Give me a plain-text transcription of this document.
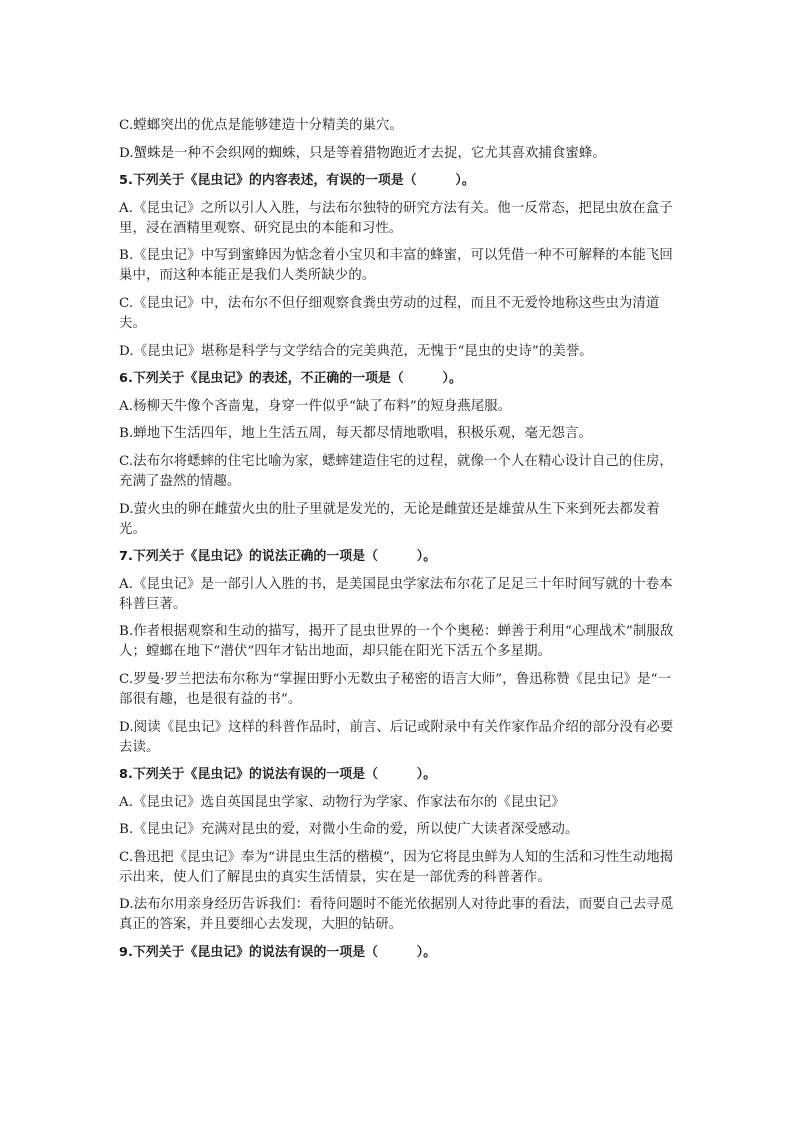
C.螳螂突出的优点是能够建造十分精美的巢穴。

D.蟹蛛是一种不会织网的蜘蛛，只是等着猎物跑近才去捉，它尤其喜欢捕食蜜蜂。

5.下列关于《昆虫记》的内容表述，有误的一项是（　　　）。

A.《昆虫记》之所以引人入胜，与法布尔独特的研究方法有关。他一反常态，把昆虫放在盒子里，浸在酒精里观察、研究昆虫的本能和习性。

B.《昆虫记》中写到蜜蜂因为惦念着小宝贝和丰富的蜂蜜，可以凭借一种不可解释的本能飞回巢中，而这种本能正是我们人类所缺少的。

C.《昆虫记》中，法布尔不但仔细观察食粪虫劳动的过程，而且不无爱怜地称这些虫为清道夫。

D.《昆虫记》堪称是科学与文学结合的完美典范，无愧于“昆虫的史诗”的美誉。

6.下列关于《昆虫记》的表述，不正确的一项是（　　　）。

A.杨柳天牛像个吝啬鬼，身穿一件似乎“缺了布料”的短身燕尾服。

B.蝉地下生活四年，地上生活五周，每天都尽情地歌唱，积极乐观，毫无怨言。

C.法布尔将蟋蟀的住宅比喻为家，蟋蟀建造住宅的过程，就像一个人在精心设计自己的住房，充满了盎然的情趣。

D.萤火虫的卵在雌萤火虫的肚子里就是发光的，无论是雌萤还是雄萤从生下来到死去都发着光。

7.下列关于《昆虫记》的说法正确的一项是（　　　）。

A.《昆虫记》是一部引人入胜的书，是美国昆虫学家法布尔花了足足三十年时间写就的十卷本科普巨著。

B.作者根据观察和生动的描写，揭开了昆虫世界的一个个奥秘：蝉善于利用“心理战术”制服敌人；螳螂在地下“潜伏”四年才钻出地面，却只能在阳光下活五个多星期。

C.罗曼·罗兰把法布尔称为“掌握田野小无数虫子秘密的语言大师”，鲁迅称赞《昆虫记》是“一部很有趣，也是很有益的书”。

D.阅读《昆虫记》这样的科普作品时，前言、后记或附录中有关作家作品介绍的部分没有必要去读。

8.下列关于《昆虫记》的说法有误的一项是（　　　）。

A.《昆虫记》选自英国昆虫学家、动物行为学家、作家法布尔的《昆虫记》

B.《昆虫记》充满对昆虫的爱，对微小生命的爱，所以使广大读者深受感动。

C.鲁迅把《昆虫记》奉为“讲昆虫生活的楷模”，因为它将昆虫鲜为人知的生活和习性生动地揭示出来，使人们了解昆虫的真实生活情景，实在是一部优秀的科普著作。

D.法布尔用亲身经历告诉我们：看待问题时不能光依据别人对待此事的看法，而要自己去寻觅真正的答案，并且要细心去发现，大胆的钻研。

9.下列关于《昆虫记》的说法有误的一项是（　　　）。
